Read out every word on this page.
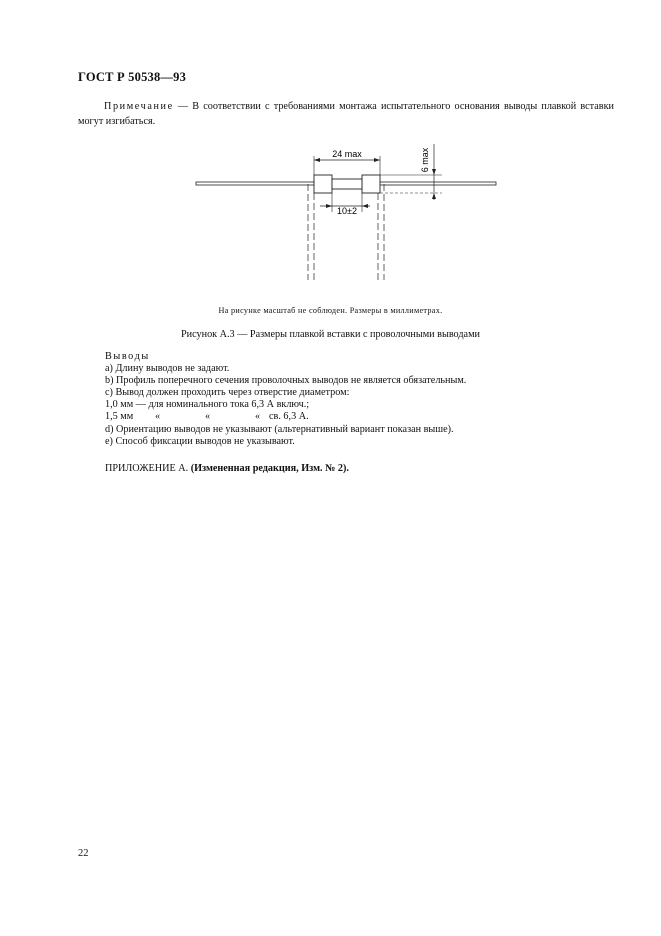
ГОСТ Р 50538—93
Примечание — В соответствии с требованиями монтажа испытательного основания выводы плавкой вставки могут изгибаться.
24 max	6 max
10±2
На рисунке масштаб не соблюден. Размеры в миллиметрах.
Рисунок А.3 — Размеры плавкой вставки с проволочными выводами
Выводы
а) Длину выводов не задают.
b) Профиль поперечного сечения проволочных выводов не является обязательным.
с) Вывод должен проходить через отверстие диаметром:
1,0 мм — для номинального тока 6,3 А включ.;
1,5 мм «	«	« св. 6,3 А.
d) Ориентацию выводов не указывают (альтернативный вариант показан выше).
е) Способ фиксации выводов не указывают.
ПРИЛОЖЕНИЕ А. (Измененная редакция, Изм. № 2).
22
